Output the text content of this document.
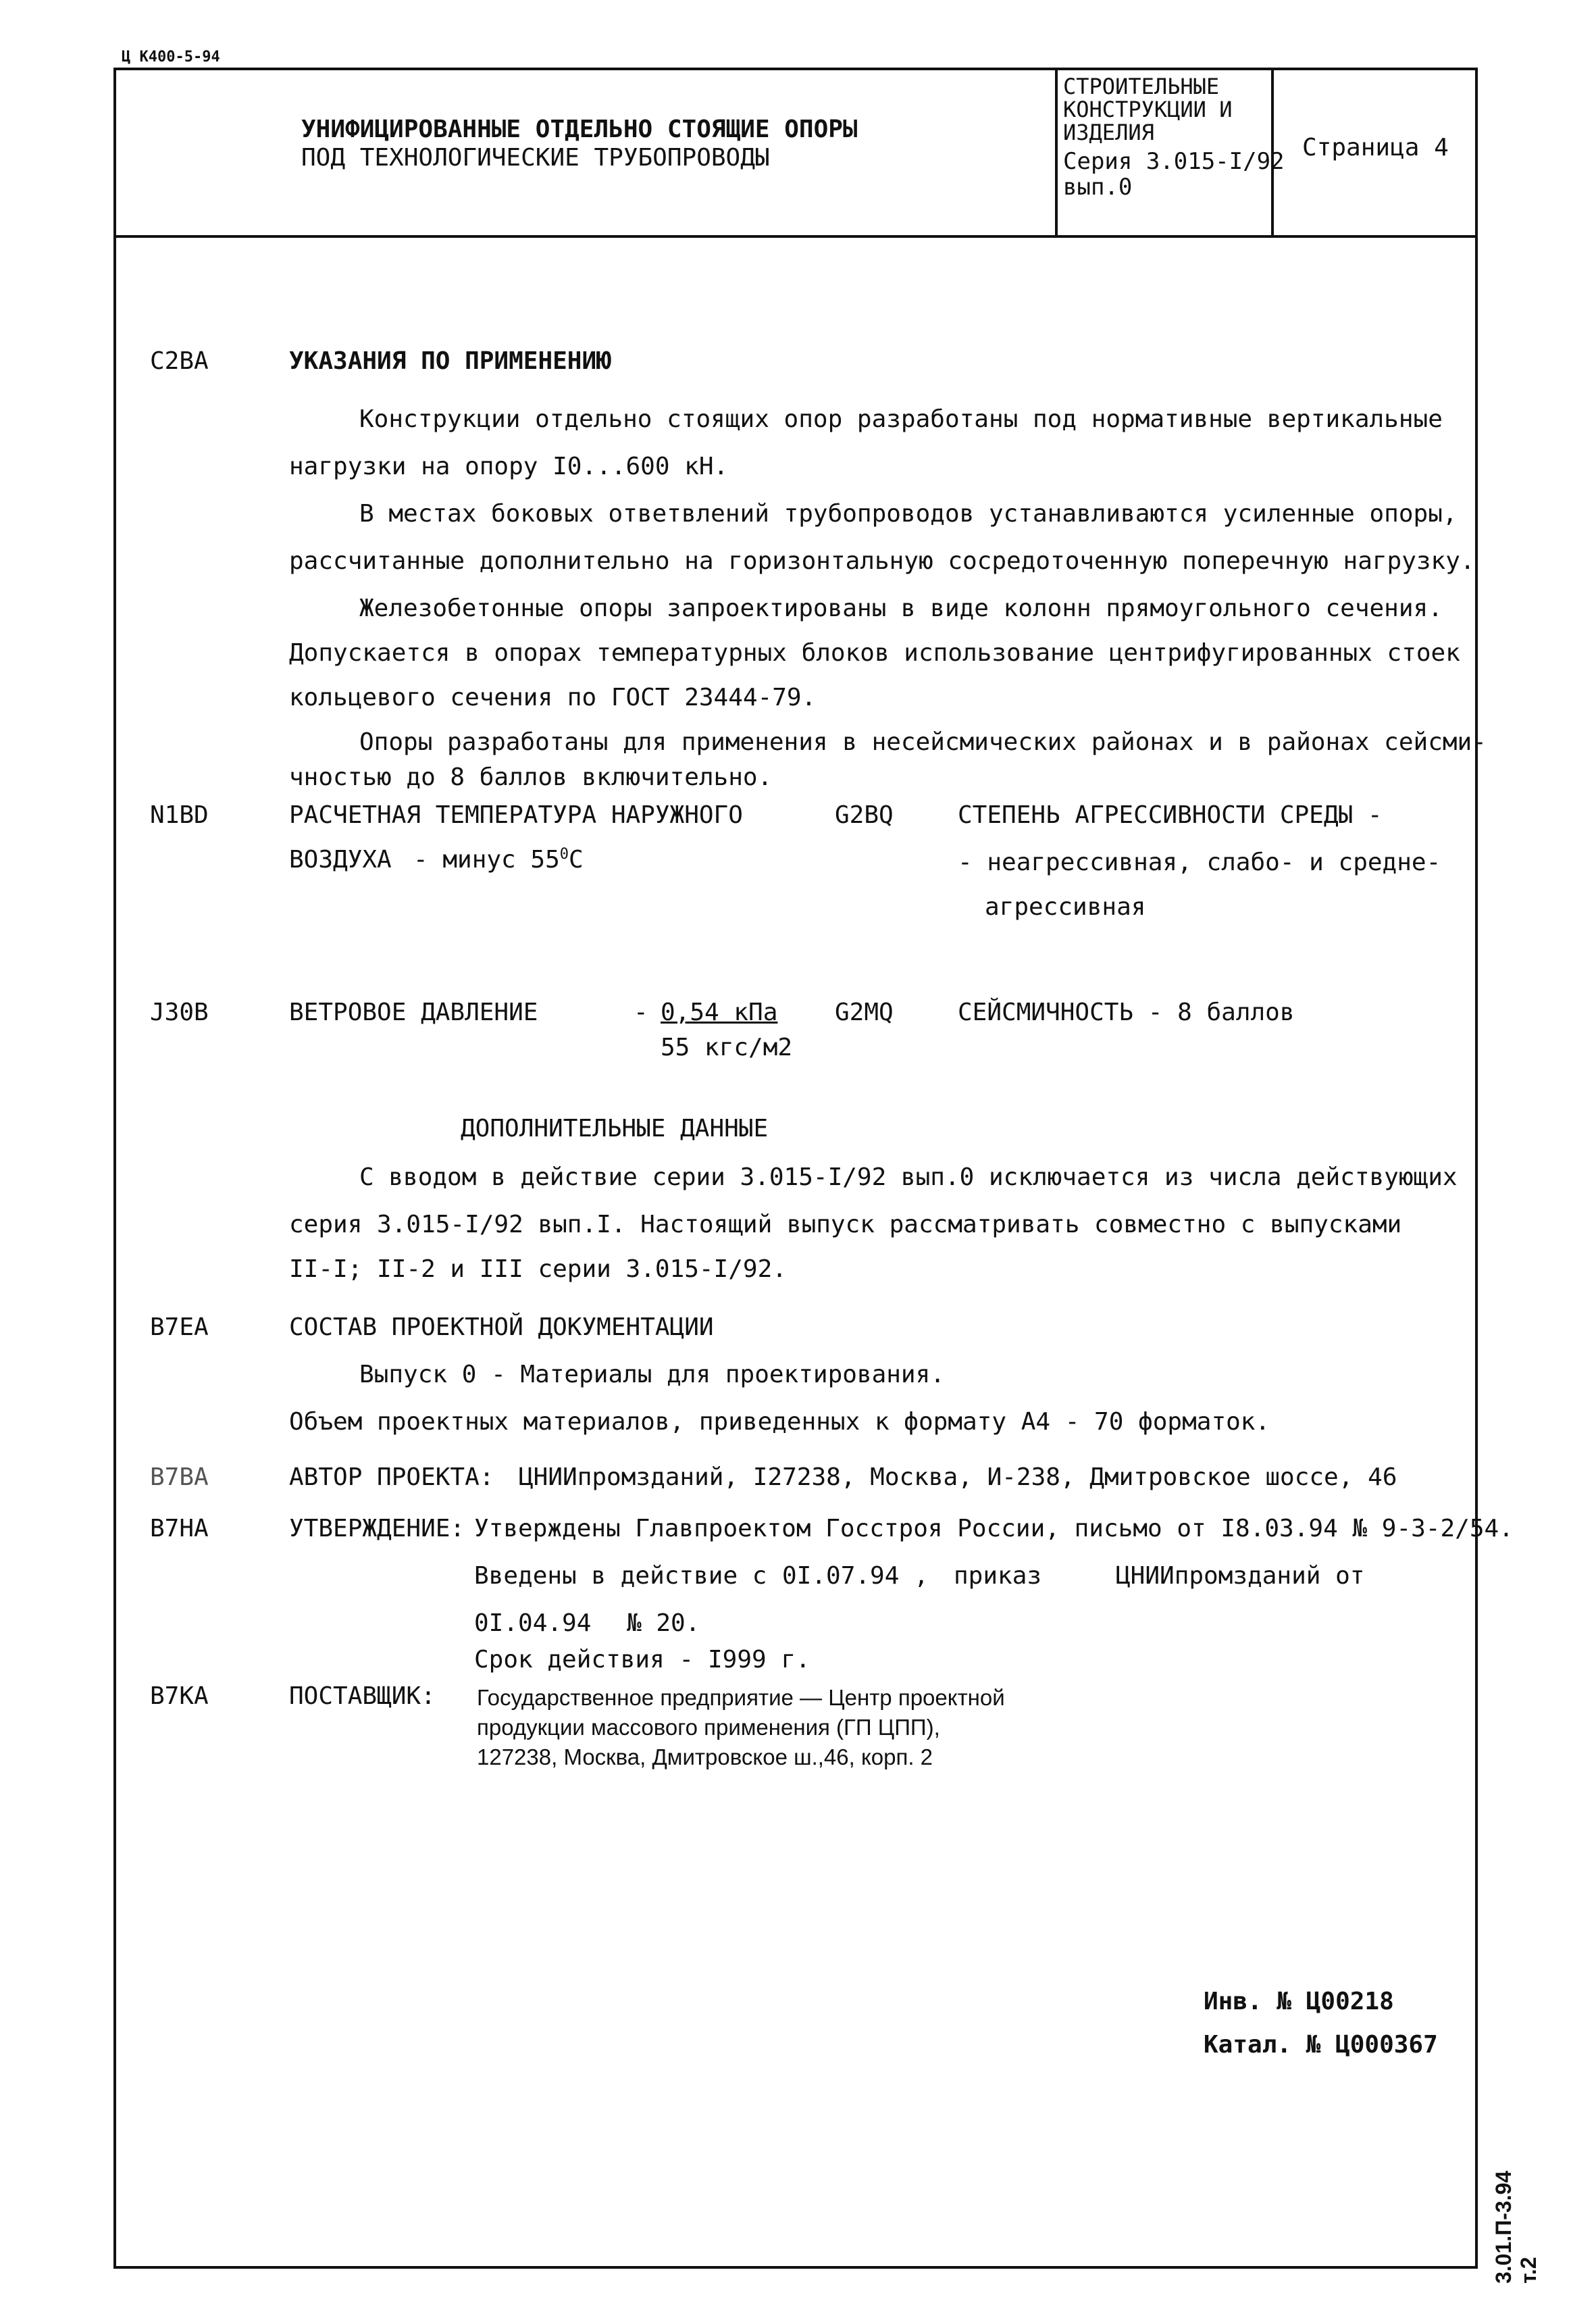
Ц К400-5-94
УНИФИЦИРОВАННЫЕ ОТДЕЛЬНО СТОЯЩИЕ ОПОРЫ
ПОД ТЕХНОЛОГИЧЕСКИЕ ТРУБОПРОВОДЫ
СТРОИТЕЛЬНЫЕ
КОНСТРУКЦИИ И
ИЗДЕЛИЯ
Серия 3.015-I/92
вып.0
Страница 4
С2ВА	УКАЗАНИЯ ПО ПРИМЕНЕНИЮ
Конструкции отдельно стоящих опор разработаны под нормативные вертикальные
нагрузки на опору I0...600 кН.
В местах боковых ответвлений трубопроводов устанавливаются усиленные опоры,
рассчитанные дополнительно на горизонтальную сосредоточенную поперечную нагрузку.
Железобетонные опоры запроектированы в виде колонн прямоугольного сечения.
Допускается в опорах температурных блоков использование центрифугированных стоек
кольцевого сечения по ГОСТ 23444-79.
Опоры разработаны для применения в несейсмических районах и в районах сейсми-
чностью до 8 баллов включительно.
N1BD	РАСЧЕТНАЯ ТЕМПЕРАТУРА НАРУЖНОГО
ВОЗДУХА - минус $55^0С$
G2BQ	СТЕПЕНЬ АГРЕССИВНОСТИ СРЕДЫ -
- неагрессивная, слабо- и средне-
агрессивная
J30B	ВЕТРОВОЕ ДАВЛЕНИЕ	- 0,54 кПа
55 кгс/м2
G2MQ	СЕЙСМИЧНОСТЬ - 8 баллов
ДОПОЛНИТЕЛЬНЫЕ ДАННЫЕ
С вводом в действие серии 3.015-I/92 вып.0 исключается из числа действующих
серия 3.015-I/92 вып.I. Настоящий выпуск рассматривать совместно с выпусками
II-I; II-2 и III серии 3.015-I/92.
В7ЕА	СОСТАВ ПРОЕКТНОЙ ДОКУМЕНТАЦИИ
Выпуск 0 - Материалы для проектирования.
Объем проектных материалов, приведенных к формату А4 - 70 форматок.
В7ВА	АВТОР ПРОЕКТА: ЦНИИпромзданий, I27238, Москва, И-238, Дмитровское шоссе, 46
В7НА	УТВЕРЖДЕНИЕ: Утверждены Главпроектом Госстроя России, письмо от I8.03.94 № 9-3-2/54.
Введены в действие с 0I.07.94 , приказ	ЦНИИпромзданий от
0I.04.94 № 20.
Срок действия - I999 г.
В7КА	ПОСТАВЩИК: Государственное предприятие — Центр проектной
продукции массового применения (ГП ЦПП),
127238, Москва, Дмитровское ш.,46, корп. 2
Инв. № Ц00218
Катал. № Ц000367
3.01.П-3.94 т.2
